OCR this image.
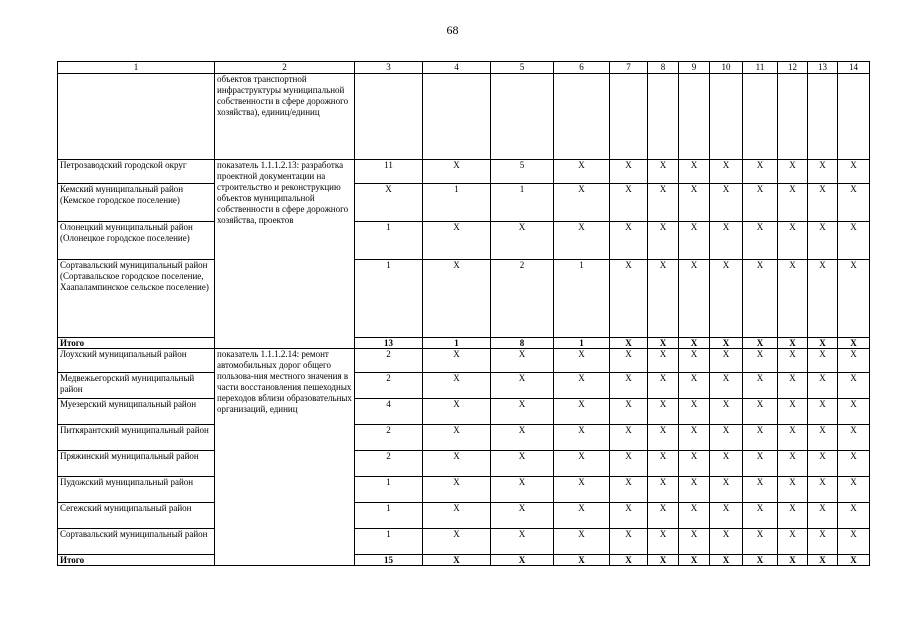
68
1	2	3	4	5	6	7	8	9	10	11	12	13	14
	объектов транспортной инфраструктуры муниципальной собственности в сфере дорожного хозяйства), единиц/единиц												
Петрозаводский городской округ	показатель 1.1.1.2.13: разработка проектной документации на строительство и реконструкцию объектов муниципальной собственности в сфере дорожного хозяйства, проектов	11	X	5	X	X	X	X	X	X	X	X	X
Кемский муниципальный район (Кемское городское поселение)		X	1	1	X	X	X	X	X	X	X	X	X
Олонецкий муниципальный район (Олонецкое городское поселение)		1	X	X	X	X	X	X	X	X	X	X	X
Сортавальский муниципальный район (Сортавальское городское поселение, Хаапалампинское сельское поселение)		1	X	2	1	X	X	X	X	X	X	X	X
Итого		13	1	8	1	X	X	X	X	X	X	X	X
Лоухский муниципальный район	показатель 1.1.1.2.14: ремонт автомобильных дорог общего пользова-ния местного значения в части восстановления пешеходных переходов вблизи образовательных организаций, единиц	2	X	X	X	X	X	X	X	X	X	X	X
Медвежьегорский муниципальный район		2	X	X	X	X	X	X	X	X	X	X	X
Муезерский муниципальный район		4	X	X	X	X	X	X	X	X	X	X	X
Питкярантский муниципальный район		2	X	X	X	X	X	X	X	X	X	X	X
Пряжинский муниципальный район		2	X	X	X	X	X	X	X	X	X	X	X
Пудожский муниципальный район		1	X	X	X	X	X	X	X	X	X	X	X
Сегежский муниципальный район		1	X	X	X	X	X	X	X	X	X	X	X
Сортавальский муниципальный район		1	X	X	X	X	X	X	X	X	X	X	X
Итого		15	X	X	X	X	X	X	X	X	X	X	X
